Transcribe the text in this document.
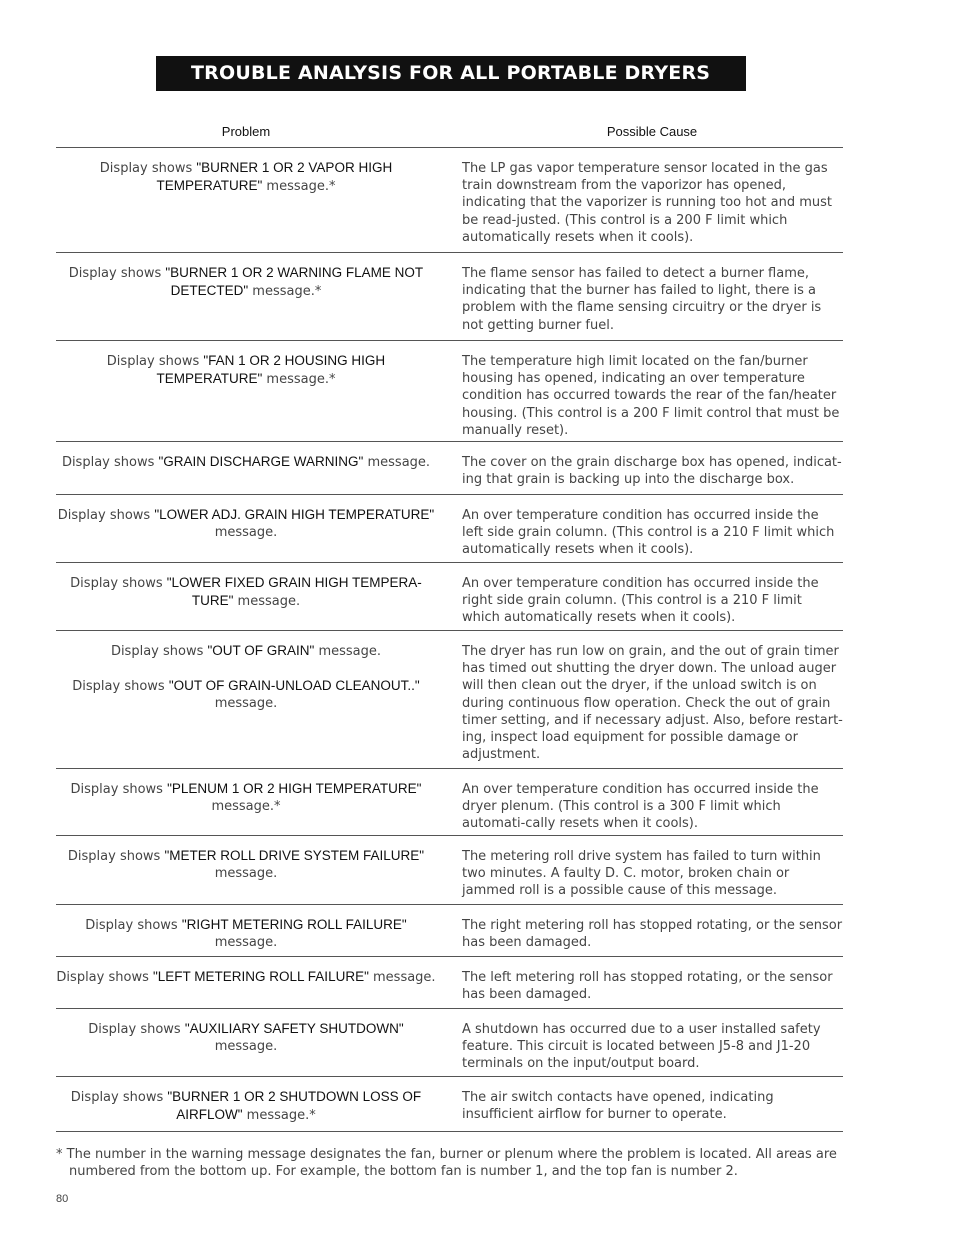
TROUBLE ANALYSIS FOR ALL PORTABLE DRYERS
Problem	Possible Cause
Display shows "BURNER 1 OR 2 VAPOR HIGH TEMPERATURE" message.*
The LP gas vapor temperature sensor located in the gas train downstream from the vaporizor has opened, indicating that the vaporizer is running too hot and must be read-justed. (This control is a 200 F limit which automatically resets when it cools).
Display shows "BURNER 1 OR 2 WARNING FLAME NOT DETECTED" message.*
The flame sensor has failed to detect a burner flame, indicating that the burner has failed to light, there is a problem with the flame sensing circuitry or the dryer is not getting burner fuel.
Display shows "FAN 1 OR 2 HOUSING HIGH TEMPERATURE" message.*
The temperature high limit located on the fan/burner housing has opened, indicating an over temperature condition has occurred towards the rear of the fan/heater housing. (This control is a 200 F limit control that must be manually reset).
Display shows "GRAIN DISCHARGE WARNING" message.	The cover on the grain discharge box has opened, indicat-ing that grain is backing up into the discharge box.
Display shows "LOWER ADJ. GRAIN HIGH TEMPERATURE" message.
An over temperature condition has occurred inside the left side grain column. (This control is a 210 F limit which automatically resets when it cools).
Display shows "LOWER FIXED GRAIN HIGH TEMPERA-TURE" message.
An over temperature condition has occurred inside the right side grain column. (This control is a 210 F limit which automatically resets when it cools).
Display shows "OUT OF GRAIN" message.
Display shows "OUT OF GRAIN-UNLOAD CLEANOUT.." message.
The dryer has run low on grain, and the out of grain timer has timed out shutting the dryer down. The unload auger will then clean out the dryer, if the unload switch is on during continuous flow operation. Check the out of grain timer setting, and if necessary adjust. Also, before restart-ing, inspect load equipment for possible damage or adjustment.
Display shows "PLENUM 1 OR 2 HIGH TEMPERATURE" message.*
An over temperature condition has occurred inside the dryer plenum. (This control is a 300 F limit which automati-cally resets when it cools).
Display shows "METER ROLL DRIVE SYSTEM FAILURE" message.
The metering roll drive system has failed to turn within two minutes. A faulty D. C. motor, broken chain or jammed roll is a possible cause of this message.
Display shows "RIGHT METERING ROLL FAILURE" message.
The right metering roll has stopped rotating, or the sensor has been damaged.
Display shows "LEFT METERING ROLL FAILURE" message. The left metering roll has stopped rotating, or the sensor has been damaged.
Display shows "AUXILIARY SAFETY SHUTDOWN" message.
A shutdown has occurred due to a user installed safety feature. This circuit is located between J5-8 and J1-20 terminals on the input/output board.
Display shows "BURNER 1 OR 2 SHUTDOWN LOSS OF AIRFLOW" message.*
The air switch contacts have opened, indicating insufficient airflow for burner to operate.
* The number in the warning message designates the fan, burner or plenum where the problem is located. All areas are numbered from the bottom up. For example, the bottom fan is number 1, and the top fan is number 2.
80
